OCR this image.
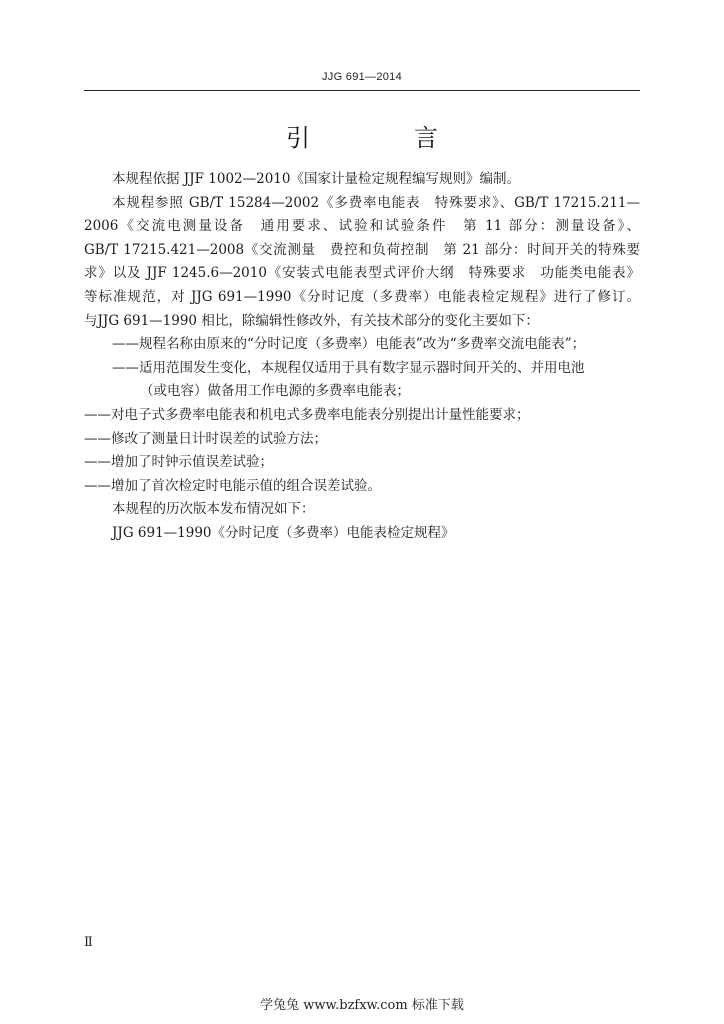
JJG 691—2014
引　言
本规程依据 JJF 1002—2010《国家计量检定规程编写规则》编制。
本规程参照 GB/T 15284—2002《多费率电能表　特殊要求》、GB/T 17215.211—
2006《交流电测量设备　通用要求、试验和试验条件　第 11 部分：测量设备》、
GB/T 17215.421—2008《交流测量　费控和负荷控制　第 21 部分：时间开关的特殊要
求》以及 JJF 1245.6—2010《安装式电能表型式评价大纲　特殊要求　功能类电能表》
等标准规范，对 JJG 691—1990《分时记度（多费率）电能表检定规程》进行了修订。
与JJG 691—1990 相比，除编辑性修改外，有关技术部分的变化主要如下：
——规程名称由原来的“分时记度（多费率）电能表”改为“多费率交流电能表”；
——适用范围发生变化，本规程仅适用于具有数字显示器时间开关的、并用电池
（或电容）做备用工作电源的多费率电能表；
——对电子式多费率电能表和机电式多费率电能表分别提出计量性能要求；
——修改了测量日计时误差的试验方法；
——增加了时钟示值误差试验；
——增加了首次检定时电能示值的组合误差试验。
本规程的历次版本发布情况如下：
JJG 691—1990《分时记度（多费率）电能表检定规程》
Ⅱ
学兔兔 www.bzfxw.com 标准下载
